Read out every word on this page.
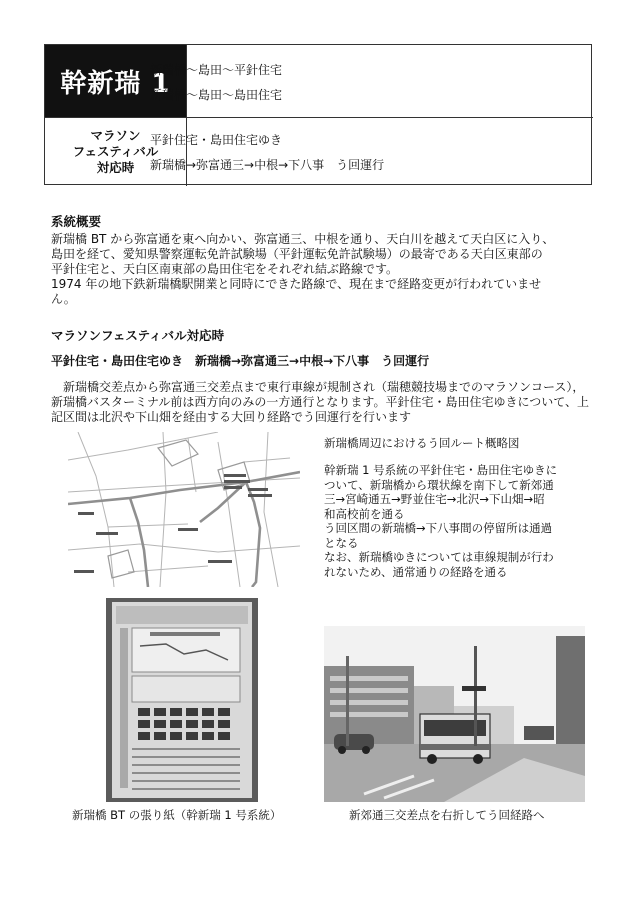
幹新瑞 1
マラソン
フェスティバル
対応時
新瑞橋～島田～平針住宅
新瑞橋～島田～島田住宅
平針住宅・島田住宅ゆき
新瑞橋→弥富通三→中根→下八事　う回運行
系統概要
新瑞橋 BT から弥富通を東へ向かい、弥富通三、中根を通り、天白川を越えて天白区に入り、
島田を経て、愛知県警察運転免許試験場（平針運転免許試験場）の最寄である天白区東部の
平針住宅と、天白区南東部の島田住宅をそれぞれ結ぶ路線です。
1974 年の地下鉄新瑞橋駅開業と同時にできた路線で、現在まで経路変更が行われていませ
ん。
マラソンフェスティバル対応時
平針住宅・島田住宅ゆき　新瑞橋→弥富通三→中根→下八事　う回運行
　新瑞橋交差点から弥富通三交差点まで東行車線が規制され（瑞穂競技場までのマラソンコース），新瑞橋バスターミナル前は西方向のみの一方通行となります。平針住宅・島田住宅ゆきについて、上記区間は北沢や下山畑を経由する大回り経路でう回運行を行います
新瑞橋周辺におけるう回ルート概略図
幹新瑞 1 号系統の平針住宅・島田住宅ゆきに
ついて、新瑞橋から環状線を南下して新郊通
三→宮崎通五→野並住宅→北沢→下山畑→昭
和高校前を通る
う回区間の新瑞橋→下八事間の停留所は通過
となる
なお、新瑞橋ゆきについては車線規制が行わ
れないため、通常通りの経路を通る
新瑞橋 BT の張り紙（幹新瑞 1 号系統）	新郊通三交差点を右折してう回経路へ
